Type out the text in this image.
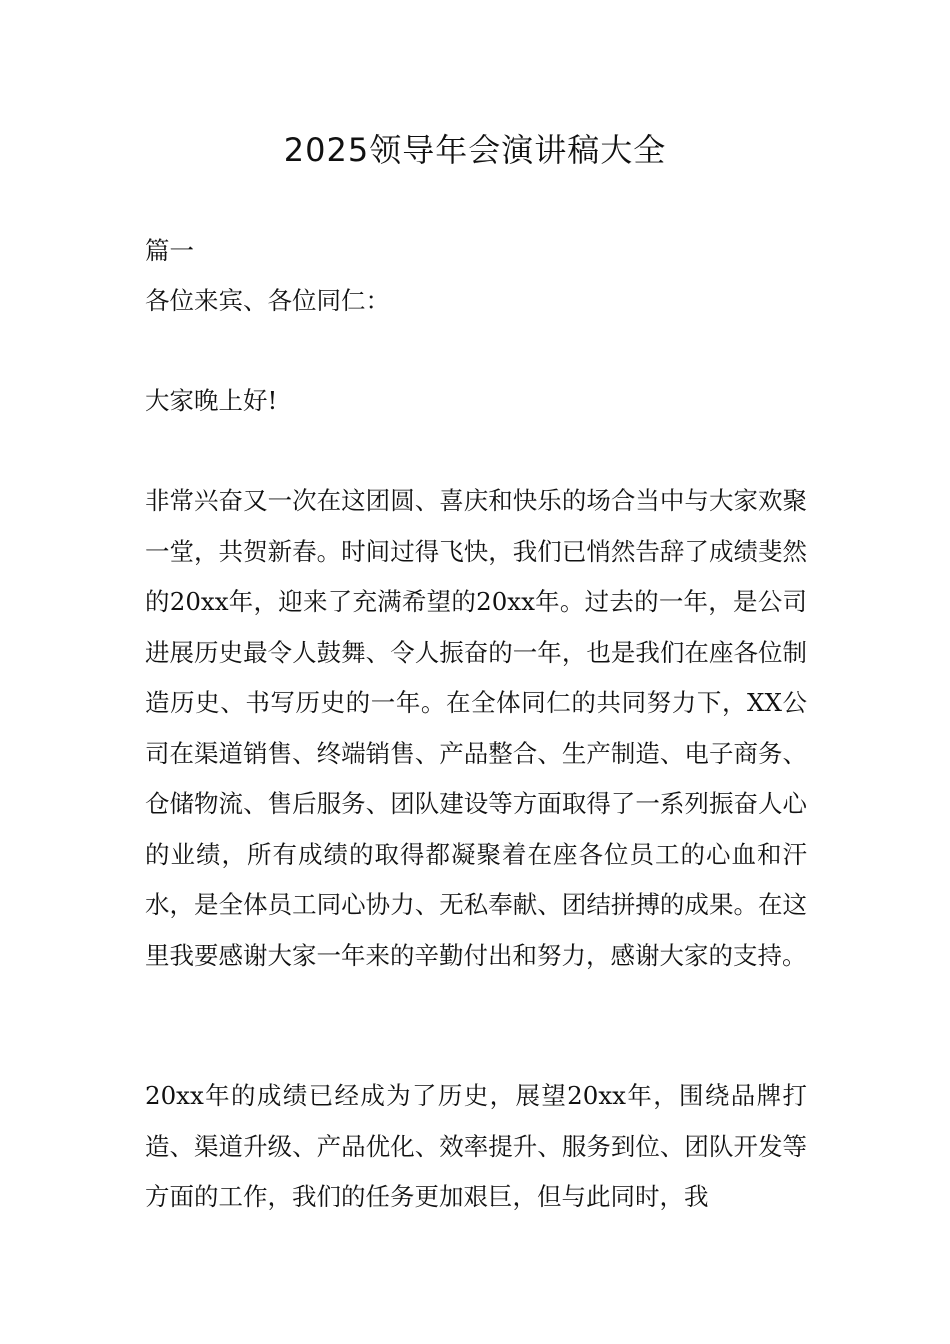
2025领导年会演讲稿大全

篇一

各位来宾、各位同仁：

大家晚上好!

非常兴奋又一次在这团圆、喜庆和快乐的场合当中与大家欢聚一堂，共贺新春。时间过得飞快，我们已悄然告辞了成绩斐然的20xx年，迎来了充满希望的20xx年。过去的一年，是公司进展历史最令人鼓舞、令人振奋的一年，也是我们在座各位制造历史、书写历史的一年。在全体同仁的共同努力下，XX公司在渠道销售、终端销售、产品整合、生产制造、电子商务、仓储物流、售后服务、团队建设等方面取得了一系列振奋人心的业绩，所有成绩的取得都凝聚着在座各位员工的心血和汗水，是全体员工同心协力、无私奉献、团结拼搏的成果。在这里我要感谢大家一年来的辛勤付出和努力，感谢大家的支持。

20xx年的成绩已经成为了历史，展望20xx年，围绕品牌打造、渠道升级、产品优化、效率提升、服务到位、团队开发等方面的工作，我们的任务更加艰巨，但与此同时，我
